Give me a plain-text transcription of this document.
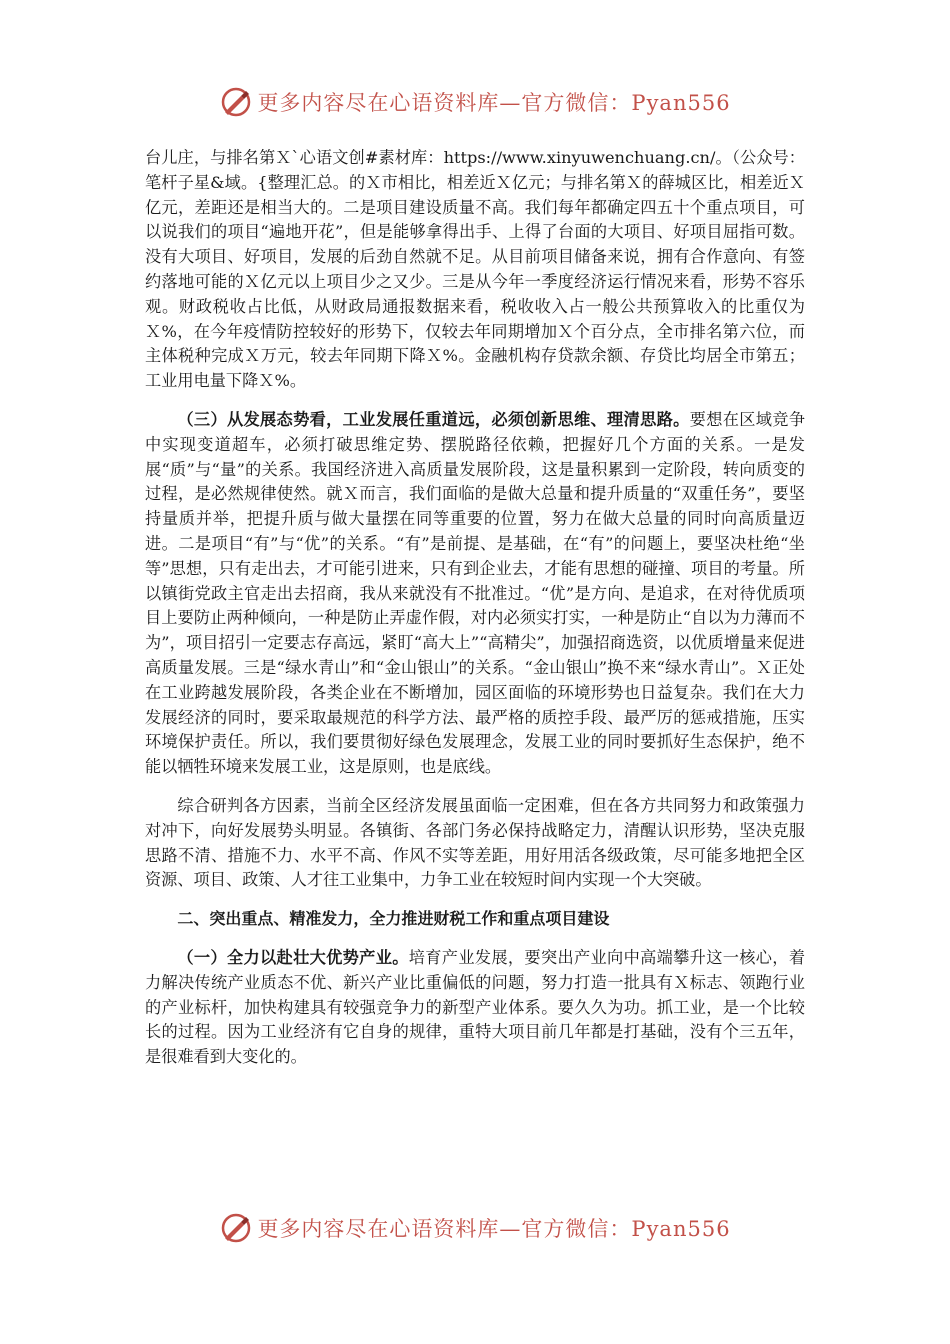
更多内容尽在心语资料库—官方微信：Pyan556

台儿庄，与排名第Ｘ`心语文创#素材库：https://www.xinyuwenchuang.cn/。（公众号：笔杆子星&域。{整理汇总。的Ｘ市相比，相差近Ｘ亿元；与排名第Ｘ的薛城区比，相差近Ｘ亿元，差距还是相当大的。二是项目建设质量不高。我们每年都确定四五十个重点项目，可以说我们的项目“遍地开花”，但是能够拿得出手、上得了台面的大项目、好项目屈指可数。没有大项目、好项目，发展的后劲自然就不足。从目前项目储备来说，拥有合作意向、有签约落地可能的Ｘ亿元以上项目少之又少。三是从今年一季度经济运行情况来看，形势不容乐观。财政税收占比低，从财政局通报数据来看，税收收入占一般公共预算收入的比重仅为Ｘ%，在今年疫情防控较好的形势下，仅较去年同期增加Ｘ个百分点，全市排名第六位，而主体税种完成Ｘ万元，较去年同期下降Ｘ%。金融机构存贷款余额、存贷比均居全市第五；工业用电量下降Ｘ%。

（三）从发展态势看，工业发展任重道远，必须创新思维、理清思路。要想在区域竞争中实现变道超车，必须打破思维定势、摆脱路径依赖，把握好几个方面的关系。一是发展“质”与“量”的关系。我国经济进入高质量发展阶段，这是量积累到一定阶段，转向质变的过程，是必然规律使然。就Ｘ而言，我们面临的是做大总量和提升质量的“双重任务”，要坚持量质并举，把提升质与做大量摆在同等重要的位置，努力在做大总量的同时向高质量迈进。二是项目“有”与“优”的关系。“有”是前提、是基础，在“有”的问题上，要坚决杜绝“坐等”思想，只有走出去，才可能引进来，只有到企业去，才能有思想的碰撞、项目的考量。所以镇街党政主官走出去招商，我从来就没有不批准过。“优”是方向、是追求，在对待优质项目上要防止两种倾向，一种是防止弄虚作假，对内必须实打实，一种是防止“自以为力薄而不为”，项目招引一定要志存高远，紧盯“高大上”“高精尖”，加强招商选资，以优质增量来促进高质量发展。三是“绿水青山”和“金山银山”的关系。“金山银山”换不来“绿水青山”。Ｘ正处在工业跨越发展阶段，各类企业在不断增加，园区面临的环境形势也日益复杂。我们在大力发展经济的同时，要采取最规范的科学方法、最严格的质控手段、最严厉的惩戒措施，压实环境保护责任。所以，我们要贯彻好绿色发展理念，发展工业的同时要抓好生态保护，绝不能以牺牲环境来发展工业，这是原则，也是底线。

综合研判各方因素，当前全区经济发展虽面临一定困难，但在各方共同努力和政策强力对冲下，向好发展势头明显。各镇街、各部门务必保持战略定力，清醒认识形势，坚决克服思路不清、措施不力、水平不高、作风不实等差距，用好用活各级政策，尽可能多地把全区资源、项目、政策、人才往工业集中，力争工业在较短时间内实现一个大突破。

二、突出重点、精准发力，全力推进财税工作和重点项目建设

（一）全力以赴壮大优势产业。培育产业发展，要突出产业向中高端攀升这一核心，着力解决传统产业质态不优、新兴产业比重偏低的问题，努力打造一批具有Ｘ标志、领跑行业的产业标杆，加快构建具有较强竞争力的新型产业体系。要久久为功。抓工业，是一个比较长的过程。因为工业经济有它自身的规律，重特大项目前几年都是打基础，没有个三五年，是很难看到大变化的。

更多内容尽在心语资料库—官方微信：Pyan556
